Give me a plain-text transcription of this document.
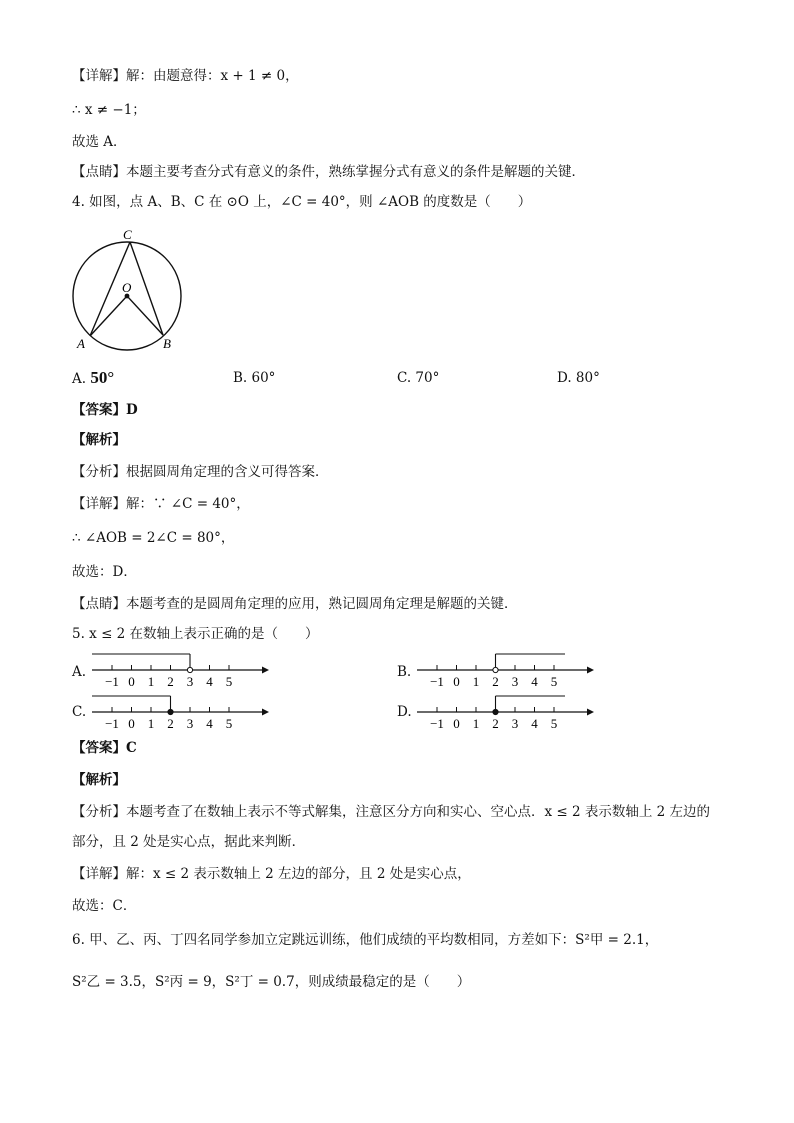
【详解】解：由题意得：x + 1 ≠ 0，
∴ x ≠ −1；
故选 A．
【点睛】本题主要考查分式有意义的条件，熟练掌握分式有意义的条件是解题的关键．
4. 如图，点 A、B、C 在 ⊙O 上，∠C = 40°，则 ∠AOB 的度数是（　　）
C
O
A	B
A. 50°	B. 60°	C. 70°	D. 80°
【答案】D
【解析】
【分析】根据圆周角定理的含义可得答案．
【详解】解：∵ ∠C = 40°，
∴ ∠AOB = 2∠C = 80°，
故选：D．
【点睛】本题考查的是圆周角定理的应用，熟记圆周角定理是解题的关键．
5. x ≤ 2 在数轴上表示正确的是（　　）
A.	B.
C.	D.
−1 0 1 2 3 4 5	−1 0 1 2 3 4 5
−1 0 1 2 3 4 5	−1 0 1 2 3 4 5
【答案】C
【解析】
【分析】本题考查了在数轴上表示不等式解集，注意区分方向和实心、空心点．x ≤ 2 表示数轴上 2 左边的
部分，且 2 处是实心点，据此来判断．
【详解】解：x ≤ 2 表示数轴上 2 左边的部分，且 2 处是实心点，
故选：C．
6. 甲、乙、丙、丁四名同学参加立定跳远训练，他们成绩的平均数相同，方差如下：S²甲 = 2.1，
S²乙 = 3.5，S²丙 = 9，S²丁 = 0.7，则成绩最稳定的是（　　）
